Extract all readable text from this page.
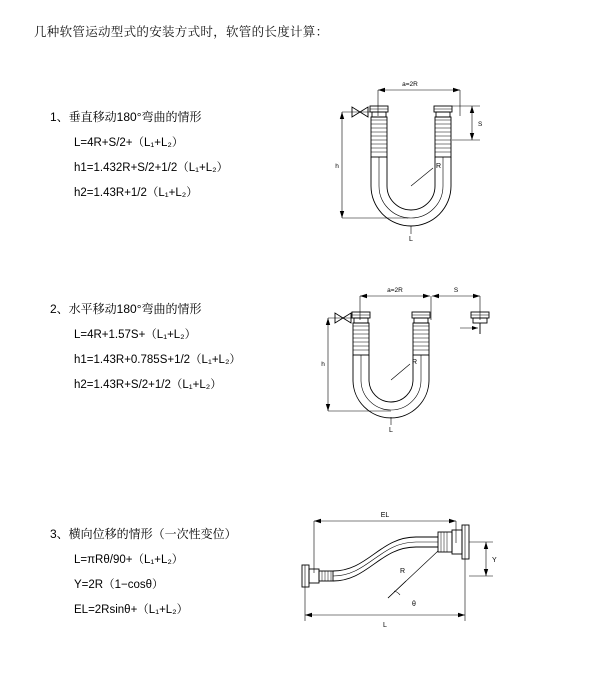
几种软管运动型式的安装方式时，软管的长度计算：
1、垂直移动180°弯曲的情形
L=4R+S/2+（L₁+L₂）
h1=1.432R+S/2+1/2（L₁+L₂）
h2=1.43R+1/2（L₁+L₂）
a=2R
S
h	R
L
2、水平移动180°弯曲的情形
L=4R+1.57S+（L₁+L₂）
h1=1.43R+0.785S+1/2（L₁+L₂）
h2=1.43R+S/2+1/2（L₁+L₂）
a=2R	S
h	R
L
3、横向位移的情形（一次性变位）
L=πRθ/90+（L₁+L₂）
Y=2R（1−cosθ）
EL=2Rsinθ+（L₁+L₂）
EL
Y
θ
R
L
